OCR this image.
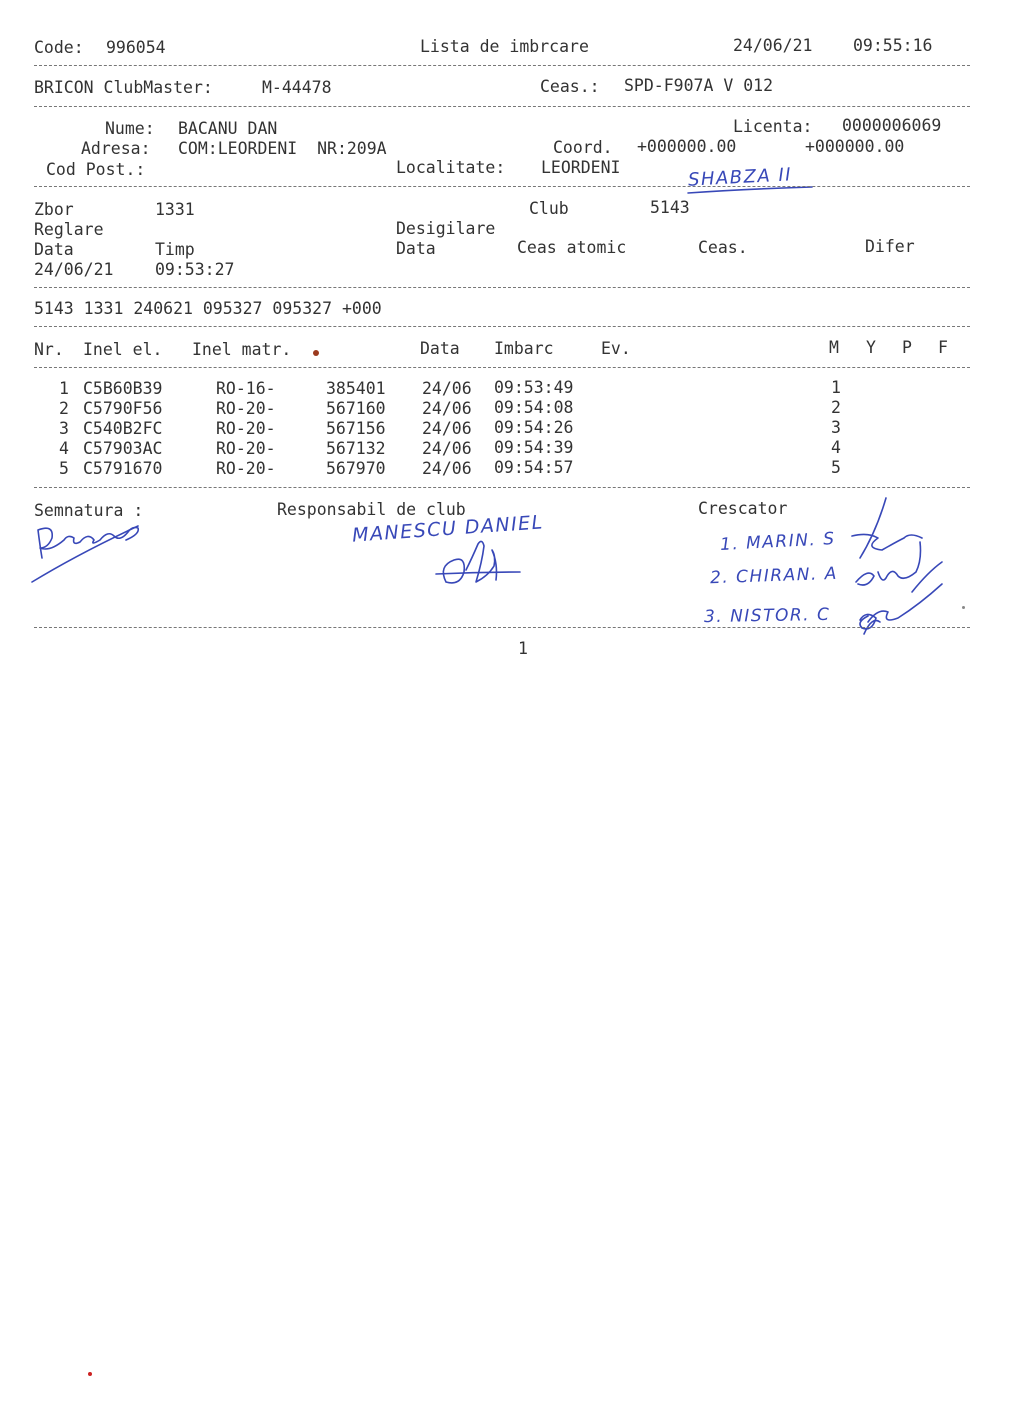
Code: 996054	Lista de imbrcare	24/06/21 09:55:16
BRICON ClubMaster:	M-44478	Ceas.: SPD-F907A V 012
Nume: BACANU DAN	Licenta: 0000006069
Adresa: COM:LEORDENI  NR:209A	Coord. +000000.00	+000000.00
Cod Post.:	Localitate: LEORDENI	SHABZA II
Zbor	1331	Club	5143
Reglare	Desigilare
Data	Timp	Data	Ceas atomic	Ceas.	Difer
24/06/21	09:53:27
5143 1331 240621 095327 095327 +000
Nr. Inel el. Inel matr.	Data Imbarc	Ev.	M Y P F
1 C5B60B39	RO-16-	385401 24/06 09:53:49	1
2 C5790F56	RO-20-	567160 24/06 09:54:08	2
3 C540B2FC	RO-20-	567156 24/06 09:54:26	3
4 C57903AC	RO-20-	567132 24/06 09:54:39	4
5 C5791670	RO-20-	567970 24/06 09:54:57	5
Semnatura :	Responsabil de club	Crescator
MANESCU DANIEL	1. MARIN. S
2. CHIRAN. A
3. NISTOR. C
1
